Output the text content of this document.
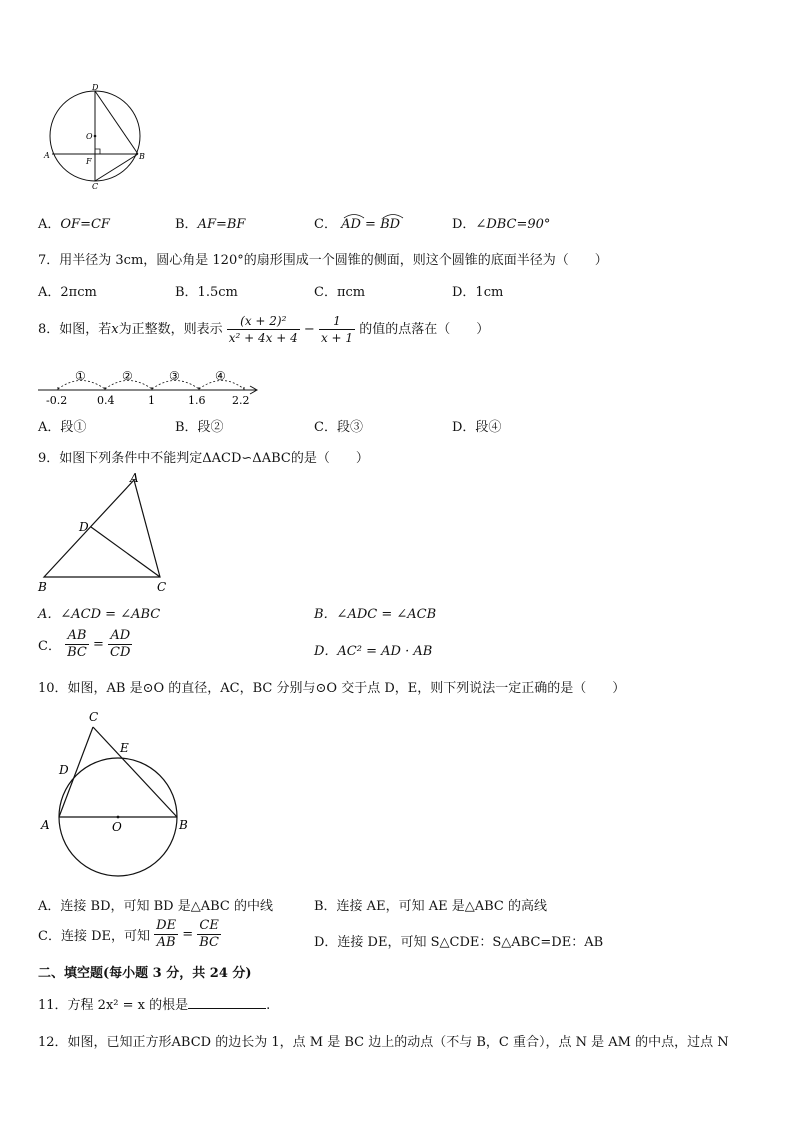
D
O
A
F
B
C
A．OF=CF	B．AF=BF	C． AD = BD	D．∠DBC=90°
7．用半径为 3cm，圆心角是 120°的扇形围成一个圆锥的侧面，则这个圆锥的底面半径为（　　）
A．2πcm	B．1.5cm	C．πcm	D．1cm
8．如图，若x为正整数，则表示 $\frac{\text{(x + 2)²}}{\text{x² + 4x + 4}} - \frac{1}{x + 1}$ 的值的点落在（　　）
①	②	③	④
-0.2	0.4	1	1.6 2.2
A．段①	B．段②	C．段③	D．段④
9．如图下列条件中不能判定ΔACD∽ΔABC的是（　　）
A
D
B	C
A．∠ACD = ∠ABC	B．∠ADC = ∠ACB
C． $\frac{AB}{BC} = \frac{AD}{CD}$	D．AC² = AD · AB
10．如图，AB 是⊙O 的直径，AC，BC 分别与⊙O 交于点 D，E，则下列说法一定正确的是（　　）
C
E
D
A	O	B
A．连接 BD，可知 BD 是△ABC 的中线	B．连接 AE，可知 AE 是△ABC 的高线
C．连接 DE，可知 $\frac{DE}{AB} = \frac{CE}{BC}$	D．连接 DE，可知 S△CDE：S△ABC=DE：AB
二、填空题(每小题 3 分，共 24 分)
11．方程 2x² = x 的根是	.
12．如图，已知正方形ABCD 的边长为 1，点 M 是 BC 边上的动点（不与 B，C 重合），点 N 是 AM 的中点，过点 N
